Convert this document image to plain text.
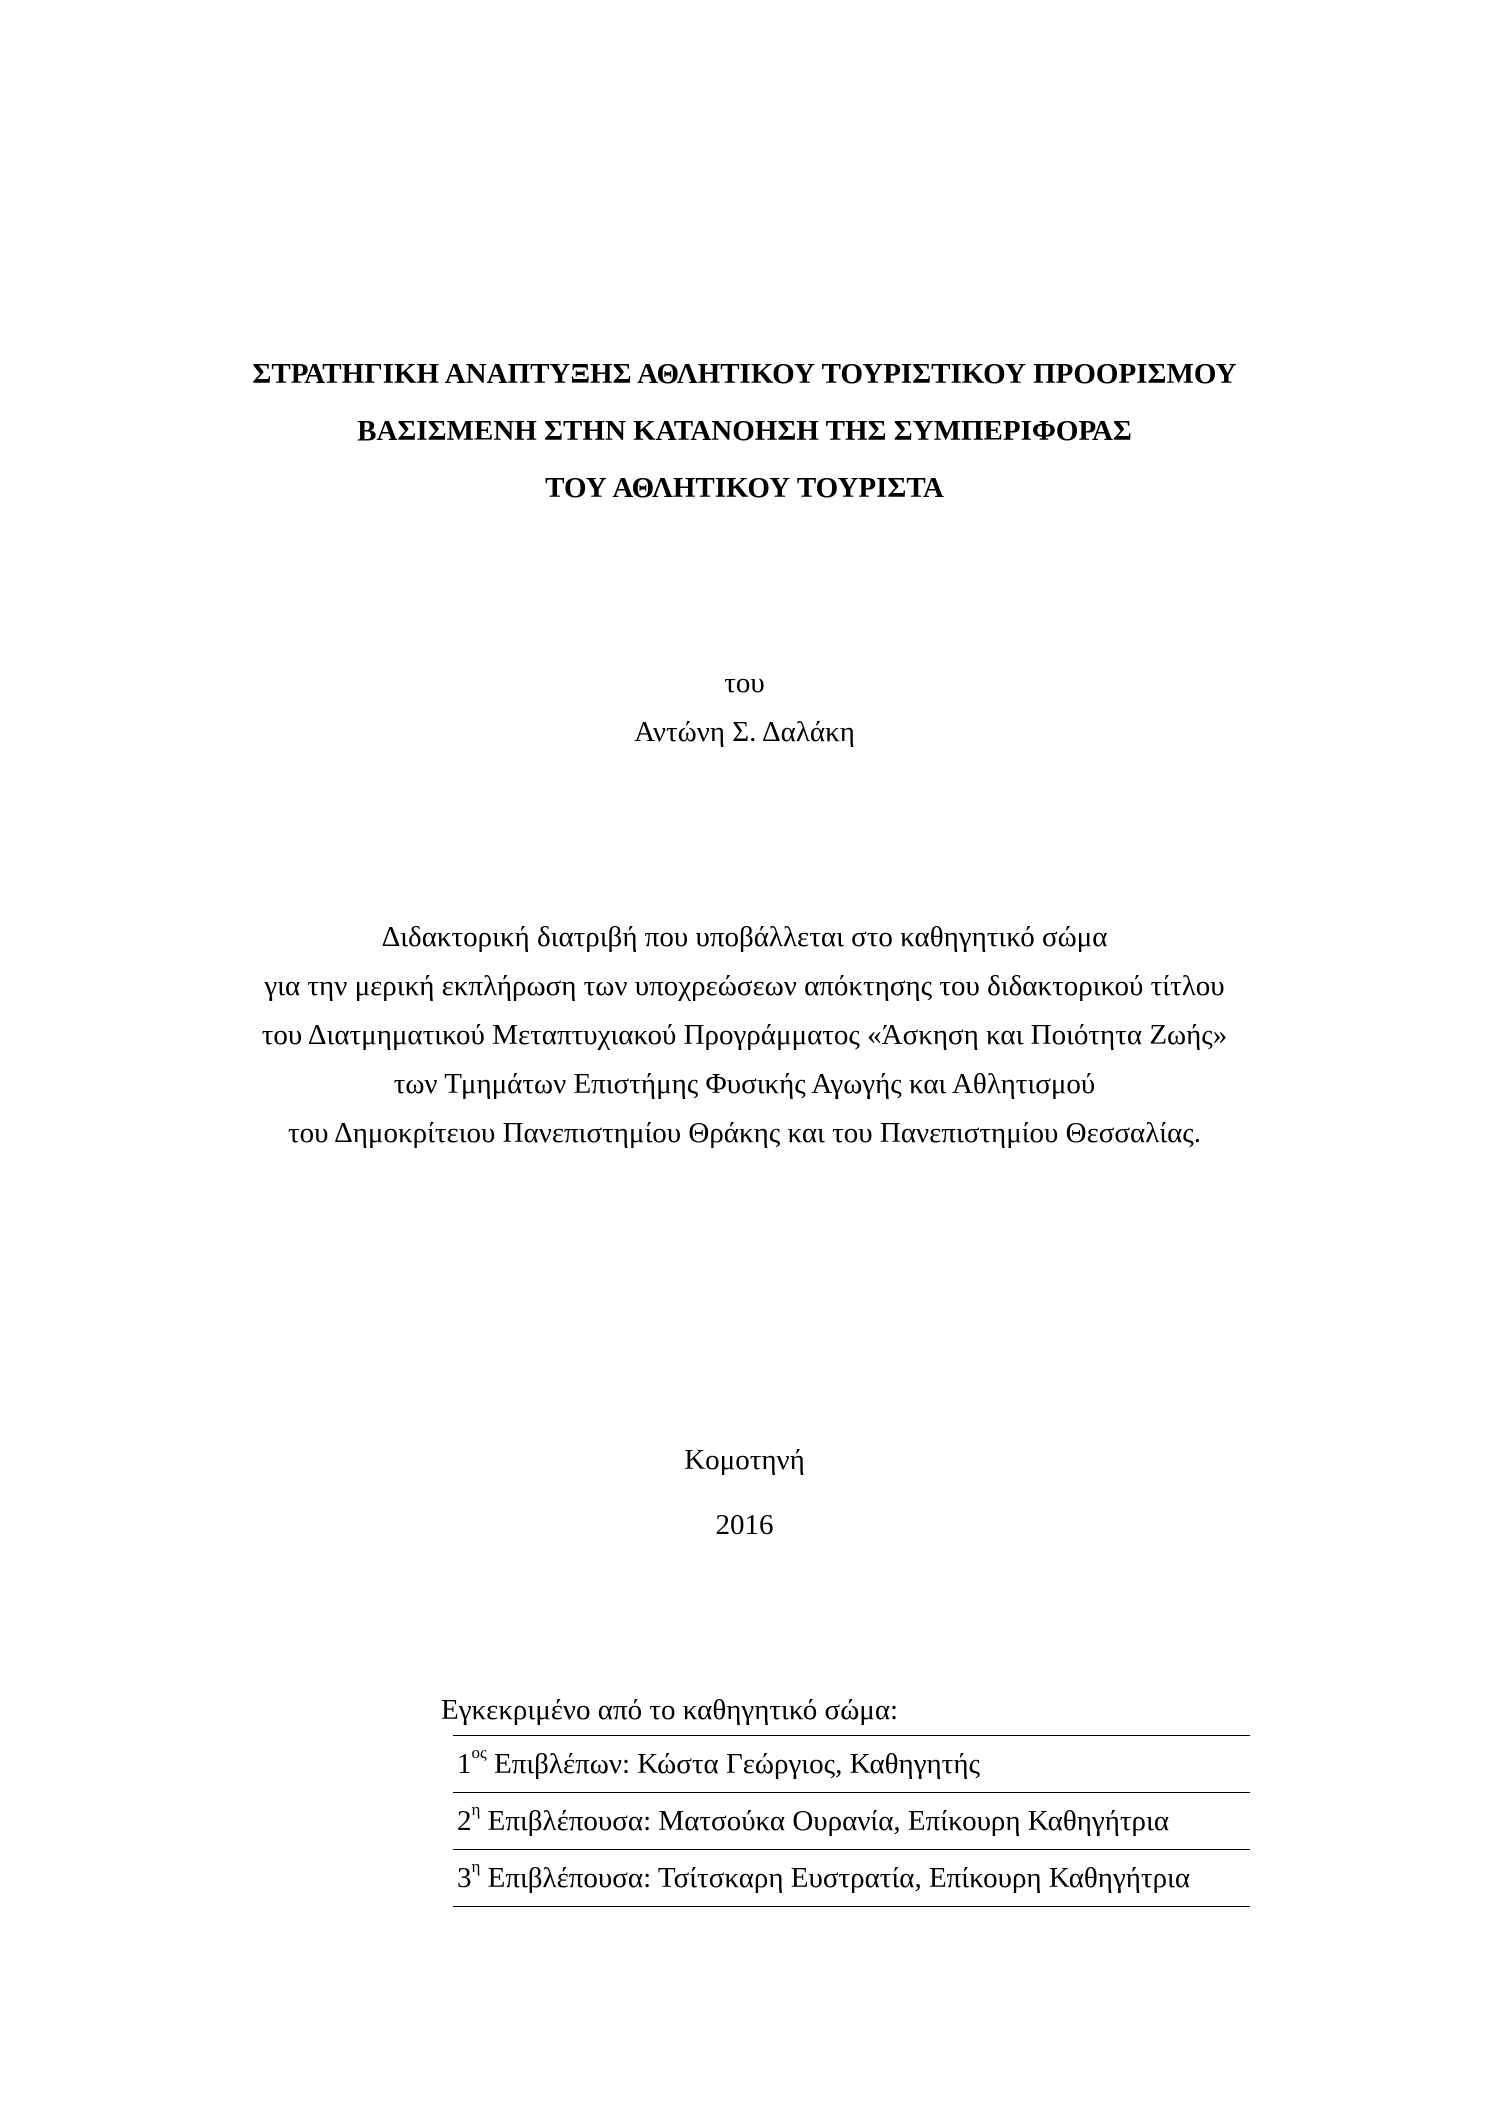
ΣΤΡΑΤΗΓΙΚΗ ΑΝΑΠΤΥΞΗΣ ΑΘΛΗΤΙΚΟΥ ΤΟΥΡΙΣΤΙΚΟΥ ΠΡΟΟΡΙΣΜΟΥ
ΒΑΣΙΣΜΕΝΗ ΣΤΗΝ ΚΑΤΑΝΟΗΣΗ ΤΗΣ ΣΥΜΠΕΡΙΦΟΡΑΣ
ΤΟΥ ΑΘΛΗΤΙΚΟΥ ΤΟΥΡΙΣΤΑ
του
Αντώνη Σ. Δαλάκη
Διδακτορική διατριβή που υποβάλλεται στο καθηγητικό σώμα
για την μερική εκπλήρωση των υποχρεώσεων απόκτησης του διδακτορικού τίτλου
του Διατμηματικού Μεταπτυχιακού Προγράμματος «Άσκηση και Ποιότητα Ζωής»
των Τμημάτων Επιστήμης Φυσικής Αγωγής και Αθλητισμού
του Δημοκρίτειου Πανεπιστημίου Θράκης και του Πανεπιστημίου Θεσσαλίας.
Κομοτηνή
2016
Εγκεκριμένο από το καθηγητικό σώμα:
$1^{o\varsigma}$ Επιβλέπων: Κώστα Γεώργιος, Καθηγητής
$2^\eta$ Επιβλέπουσα: Ματσούκα Ουρανία, Επίκουρη Καθηγήτρια
$3^\eta$ Επιβλέπουσα: Τσίτσκαρη Ευστρατία, Επίκουρη Καθηγήτρια
